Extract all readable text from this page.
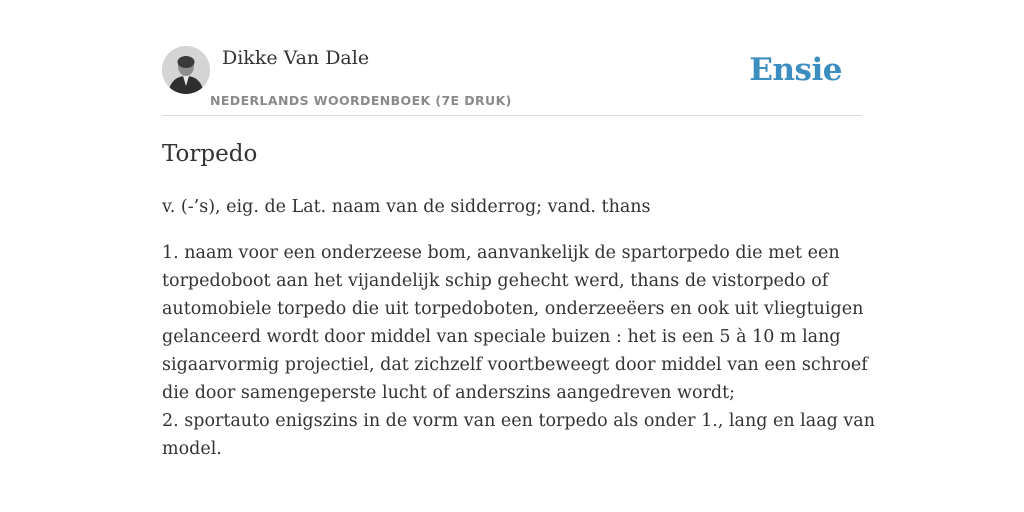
Dikke Van Dale
NEDERLANDS WOORDENBOEK (7E DRUK)
Ensie
Torpedo

v. (-’s), eig. de Lat. naam van de sidderrog; vand. thans

1. naam voor een onderzeese bom, aanvankelijk de spartorpedo die met een
torpedoboot aan het vijandelijk schip gehecht werd, thans de vistorpedo of
automobiele torpedo die uit torpedoboten, onderzeeëers en ook uit vliegtuigen
gelanceerd wordt door middel van speciale buizen : het is een 5 à 10 m lang
sigaarvormig projectiel, dat zichzelf voortbeweegt door middel van een schroef
die door samengeperste lucht of anderszins aangedreven wordt;
2. sportauto enigszins in de vorm van een torpedo als onder 1., lang en laag van
model.
